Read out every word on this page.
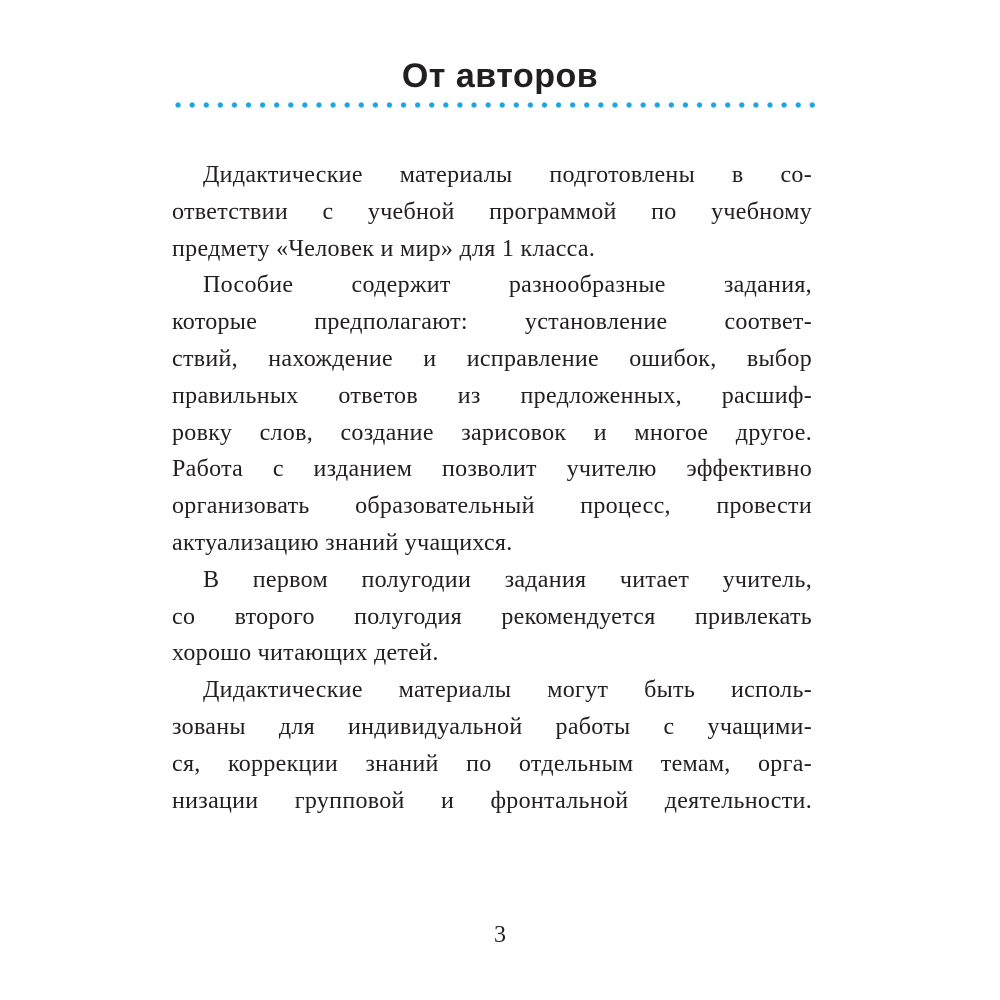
От авторов
Дидактические материалы подготовлены в со-
ответствии с учебной программой по учебному
предмету «Человек и мир» для 1 класса.
Пособие содержит разнообразные задания,
которые предполагают: установление соответ-
ствий, нахождение и исправление ошибок, выбор
правильных ответов из предложенных, расшиф-
ровку слов, создание зарисовок и многое другое.
Работа с изданием позволит учителю эффективно
организовать образовательный процесс, провести
актуализацию знаний учащихся.
В первом полугодии задания читает учитель,
со второго полугодия рекомендуется привлекать
хорошо читающих детей.
Дидактические материалы могут быть исполь-
зованы для индивидуальной работы с учащими-
ся, коррекции знаний по отдельным темам, орга-
низации групповой и фронтальной деятельности.
3
